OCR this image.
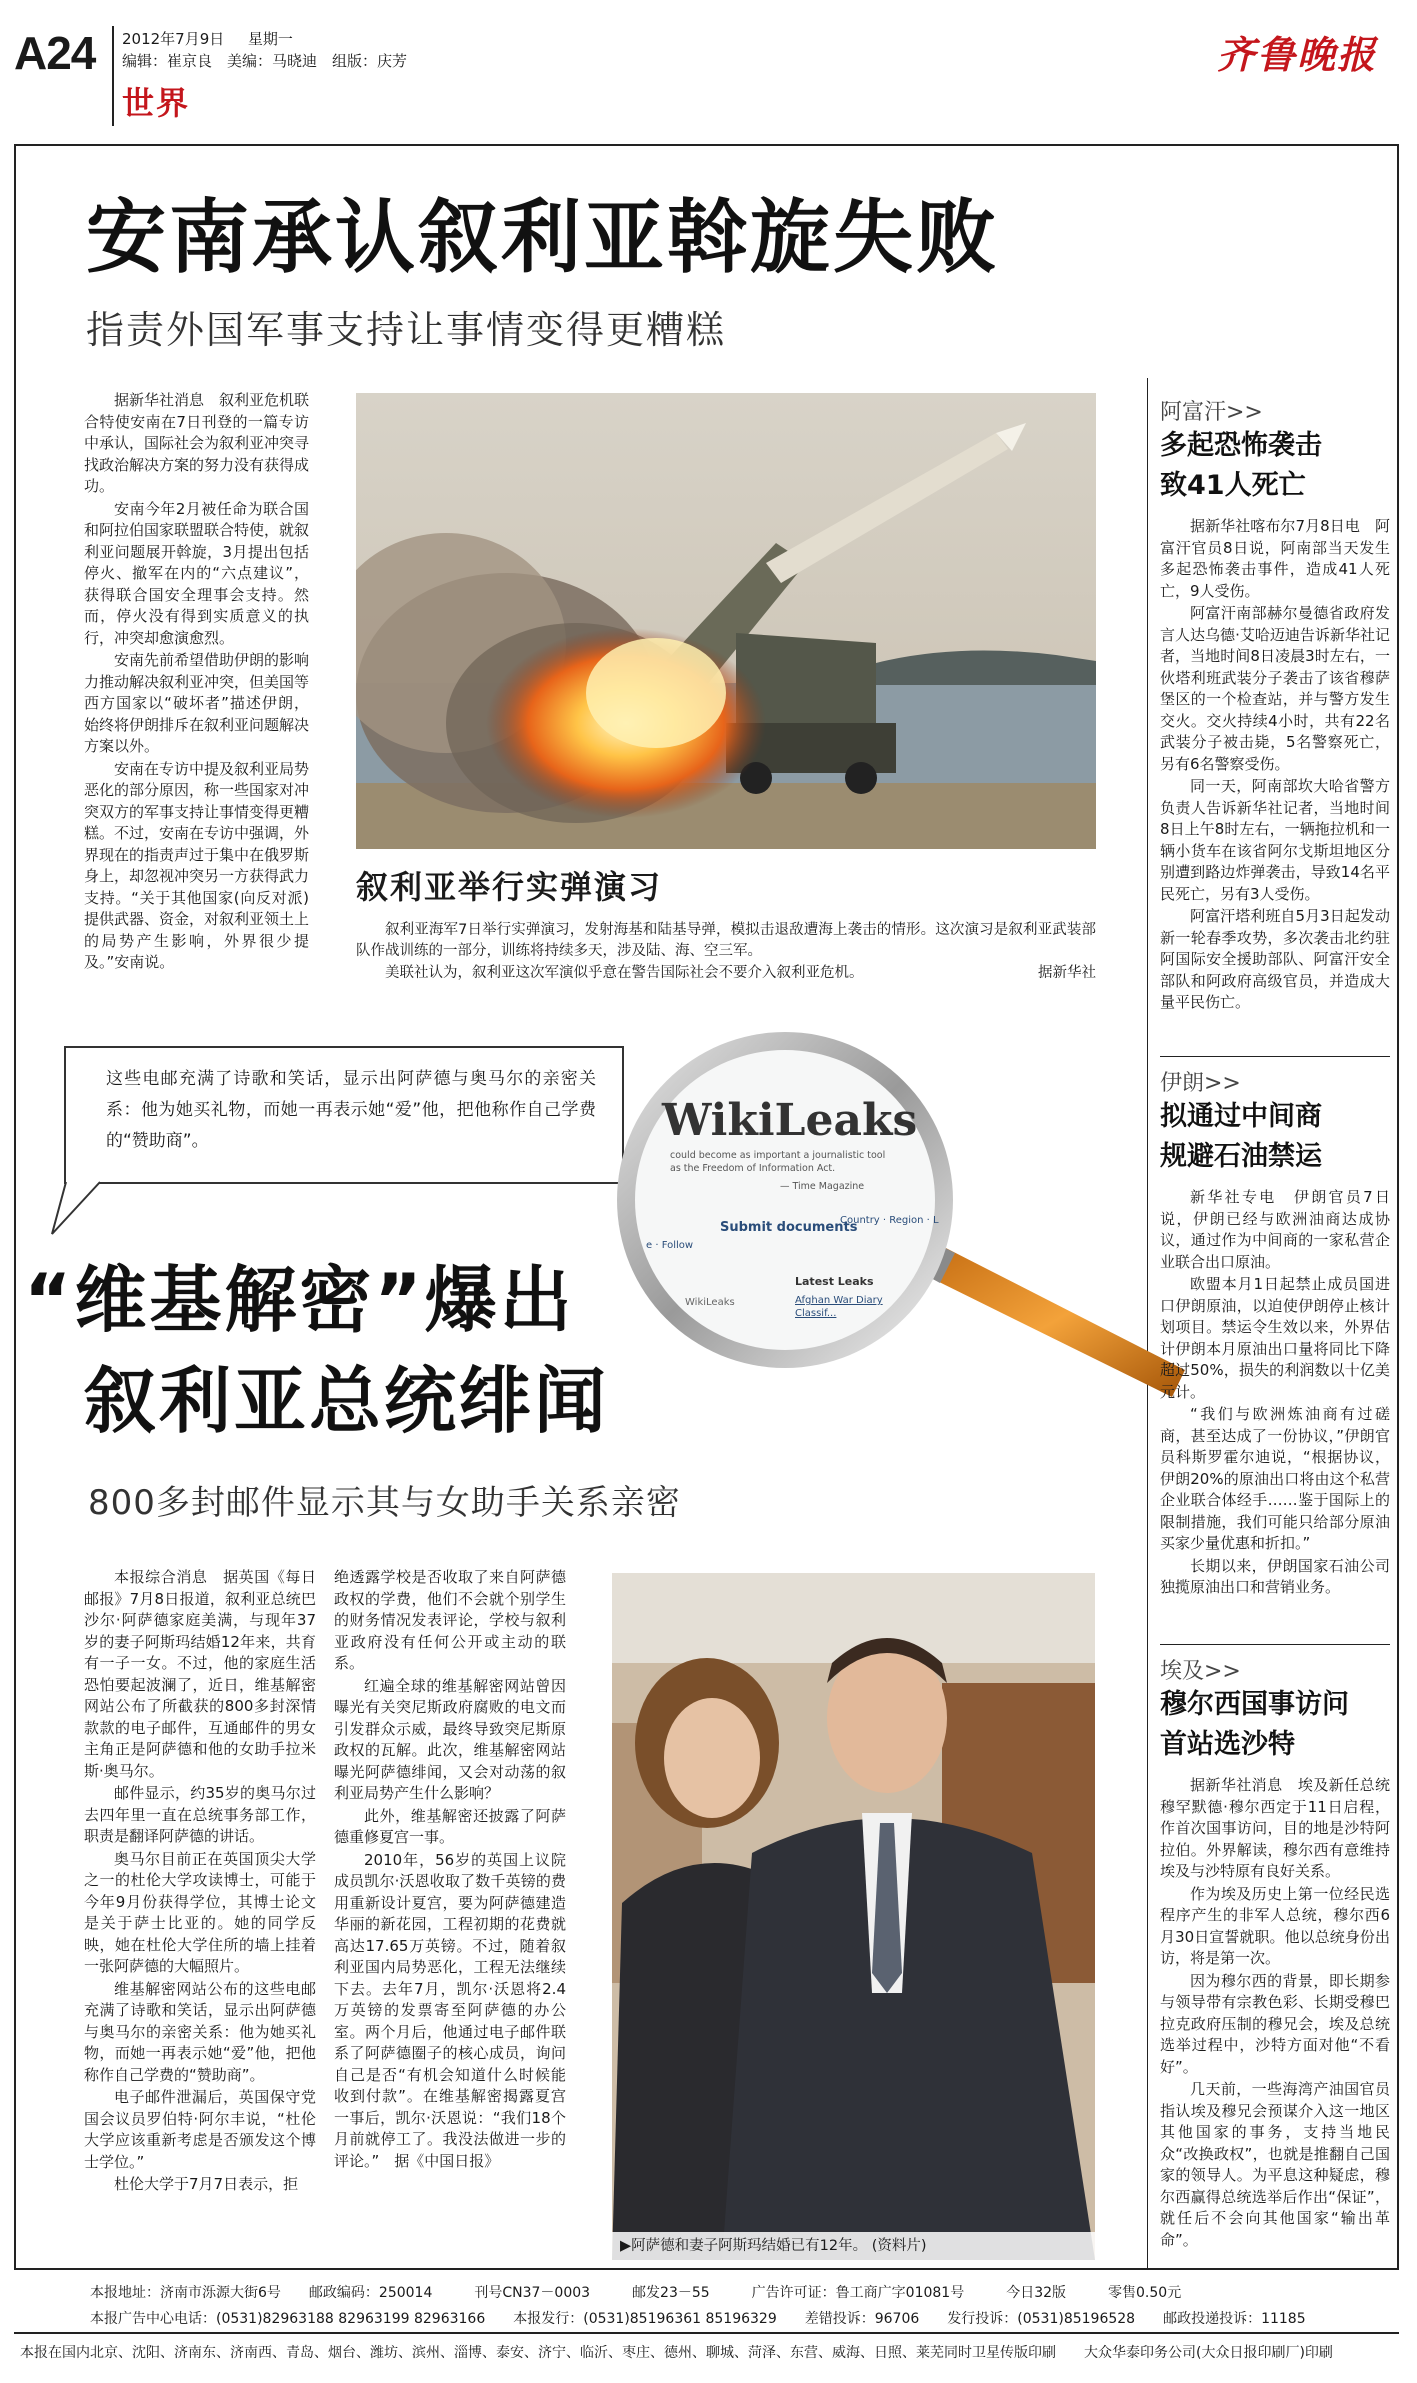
A24 2012年7月9日 星期一
编辑：崔京良　美编：马晓迪　组版：庆芳
世界
齐鲁晚报
安南承认叙利亚斡旋失败
指责外国军事支持让事情变得更糟糕

据新华社消息　叙利亚危机联合特使安南在7日刊登的一篇专访中承认，国际社会为叙利亚冲突寻找政治解决方案的努力没有获得成功。

安南今年2月被任命为联合国和阿拉伯国家联盟联合特使，就叙利亚问题展开斡旋，3月提出包括停火、撤军在内的“六点建议”，获得联合国安全理事会支持。然而，停火没有得到实质意义的执行，冲突却愈演愈烈。

安南先前希望借助伊朗的影响力推动解决叙利亚冲突，但美国等西方国家以“破坏者”描述伊朗，始终将伊朗排斥在叙利亚问题解决方案以外。

安南在专访中提及叙利亚局势恶化的部分原因，称一些国家对冲突双方的军事支持让事情变得更糟糕。不过，安南在专访中强调，外界现在的指责声过于集中在俄罗斯身上，却忽视冲突另一方获得武力支持。“关于其他国家(向反对派)提供武器、资金，对叙利亚领土上的局势产生影响，外界很少提及。”安南说。

叙利亚举行实弹演习

叙利亚海军7日举行实弹演习，发射海基和陆基导弹，模拟击退敌遭海上袭击的情形。这次演习是叙利亚武装部队作战训练的一部分，训练将持续多天，涉及陆、海、空三军。

美联社认为，叙利亚这次军演似乎意在警告国际社会不要介入叙利亚危机。	据新华社

这些电邮充满了诗歌和笑话，显示出阿萨德与奥马尔的亲密关系：他为她买礼物，而她一再表示她“爱”他，把他称作自己学费的“赞助商”。	WikiLeaks
could become as important a journalistic tool as the Freedom of Information Act.
— Time Magazine
Submit documents
Country · Region · L
e · Follow
Latest Leaks
Afghan War Diary
Classif...
WikiLeaks
“维基解密”爆出
叙利亚总统绯闻
800多封邮件显示其与女助手关系亲密

本报综合消息　据英国《每日邮报》7月8日报道，叙利亚总统巴沙尔·阿萨德家庭美满，与现年37岁的妻子阿斯玛结婚12年来，共育有一子一女。不过，他的家庭生活恐怕要起波澜了，近日，维基解密网站公布了所截获的800多封深情款款的电子邮件，互通邮件的男女主角正是阿萨德和他的女助手拉米斯·奥马尔。

邮件显示，约35岁的奥马尔过去四年里一直在总统事务部工作，职责是翻译阿萨德的讲话。

奥马尔目前正在英国顶尖大学之一的杜伦大学攻读博士，可能于今年9月份获得学位，其博士论文是关于萨士比亚的。她的同学反映，她在杜伦大学住所的墙上挂着一张阿萨德的大幅照片。

维基解密网站公布的这些电邮充满了诗歌和笑话，显示出阿萨德与奥马尔的亲密关系：他为她买礼物，而她一再表示她“爱”他，把他称作自己学费的“赞助商”。

电子邮件泄漏后，英国保守党国会议员罗伯特·阿尔丰说，“杜伦大学应该重新考虑是否颁发这个博士学位。”

杜伦大学于7月7日表示，拒

绝透露学校是否收取了来自阿萨德政权的学费，他们不会就个别学生的财务情况发表评论，学校与叙利亚政府没有任何公开或主动的联系。

红遍全球的维基解密网站曾因曝光有关突尼斯政府腐败的电文而引发群众示威，最终导致突尼斯原政权的瓦解。此次，维基解密网站曝光阿萨德绯闻，又会对动荡的叙利亚局势产生什么影响？

此外，维基解密还披露了阿萨德重修夏宫一事。

2010年，56岁的英国上议院成员凯尔·沃恩收取了数千英镑的费用重新设计夏宫，要为阿萨德建造华丽的新花园，工程初期的花费就高达17.65万英镑。不过，随着叙利亚国内局势恶化，工程无法继续下去。去年7月，凯尔·沃恩将2.4万英镑的发票寄至阿萨德的办公室。两个月后，他通过电子邮件联系了阿萨德圈子的核心成员，询问自己是否“有机会知道什么时候能收到付款”。在维基解密揭露夏宫一事后，凯尔·沃恩说：“我们18个月前就停工了。我没法做进一步的评论。”　据《中国日报》

▶阿萨德和妻子阿斯玛结婚已有12年。 (资料片)
阿富汗>>
多起恐怖袭击
致41人死亡

据新华社喀布尔7月8日电　阿富汗官员8日说，阿南部当天发生多起恐怖袭击事件，造成41人死亡，9人受伤。

阿富汗南部赫尔曼德省政府发言人达乌德·艾哈迈迪告诉新华社记者，当地时间8日凌晨3时左右，一伙塔利班武装分子袭击了该省穆萨堡区的一个检查站，并与警方发生交火。交火持续4小时，共有22名武装分子被击毙，5名警察死亡，另有6名警察受伤。

同一天，阿南部坎大哈省警方负责人告诉新华社记者，当地时间8日上午8时左右，一辆拖拉机和一辆小货车在该省阿尔戈斯坦地区分别遭到路边炸弹袭击，导致14名平民死亡，另有3人受伤。

阿富汗塔利班自5月3日起发动新一轮春季攻势，多次袭击北约驻阿国际安全援助部队、阿富汗安全部队和阿政府高级官员，并造成大量平民伤亡。

伊朗>>
拟通过中间商
规避石油禁运

新华社专电　伊朗官员7日说，伊朗已经与欧洲油商达成协议，通过作为中间商的一家私营企业联合出口原油。

欧盟本月1日起禁止成员国进口伊朗原油，以迫使伊朗停止核计划项目。禁运令生效以来，外界估计伊朗本月原油出口量将同比下降超过50%，损失的利润数以十亿美元计。

“我们与欧洲炼油商有过磋商，甚至达成了一份协议，”伊朗官员科斯罗霍尔迪说，“根据协议，伊朗20%的原油出口将由这个私营企业联合体经手……鉴于国际上的限制措施，我们可能只给部分原油买家少量优惠和折扣。”

长期以来，伊朗国家石油公司独揽原油出口和营销业务。

埃及>>
穆尔西国事访问
首站选沙特

据新华社消息　埃及新任总统穆罕默德·穆尔西定于11日启程，作首次国事访问，目的地是沙特阿拉伯。外界解读，穆尔西有意维持埃及与沙特原有良好关系。

作为埃及历史上第一位经民选程序产生的非军人总统，穆尔西6月30日宣誓就职。他以总统身份出访，将是第一次。

因为穆尔西的背景，即长期参与领导带有宗教色彩、长期受穆巴拉克政府压制的穆兄会，埃及总统选举过程中，沙特方面对他“不看好”。

几天前，一些海湾产油国官员指认埃及穆兄会预谋介入这一地区其他国家的事务，支持当地民众“改换政权”，也就是推翻自己国家的领导人。为平息这种疑虑，穆尔西赢得总统选举后作出“保证”，就任后不会向其他国家“输出革命”。

本报地址：济南市泺源大街6号　　邮政编码：250014　　　刊号CN37－0003　　　邮发23－55　　　广告许可证：鲁工商广字01081号　　　今日32版　　　零售0.50元
本报广告中心电话：(0531)82963188 82963199 82963166　　本报发行：(0531)85196361 85196329　　差错投诉：96706　　发行投诉：(0531)85196528　　邮政投递投诉：11185
本报在国内北京、沈阳、济南东、济南西、青岛、烟台、潍坊、滨州、淄博、泰安、济宁、临沂、枣庄、德州、聊城、菏泽、东营、威海、日照、莱芜同时卫星传版印刷　　大众华泰印务公司(大众日报印刷厂)印刷
